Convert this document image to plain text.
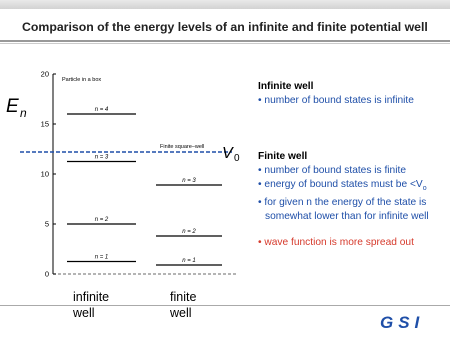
Comparison of the energy levels of an infinite and finite potential well
20
15
10
5
0
E n
Particle in a box
Finite square–well V 0
n = 1
n = 2
n = 3
n = 4
n = 1
n = 2
n = 3
Infinite well
• number of bound states is infinite
Finite well
• number of bound states is finite
• energy of bound states must be $<V_o$
• for given n the energy of the state is
somewhat lower than for infinite well
• wave function is more spread out
infinite
well
finite
well	GSI
